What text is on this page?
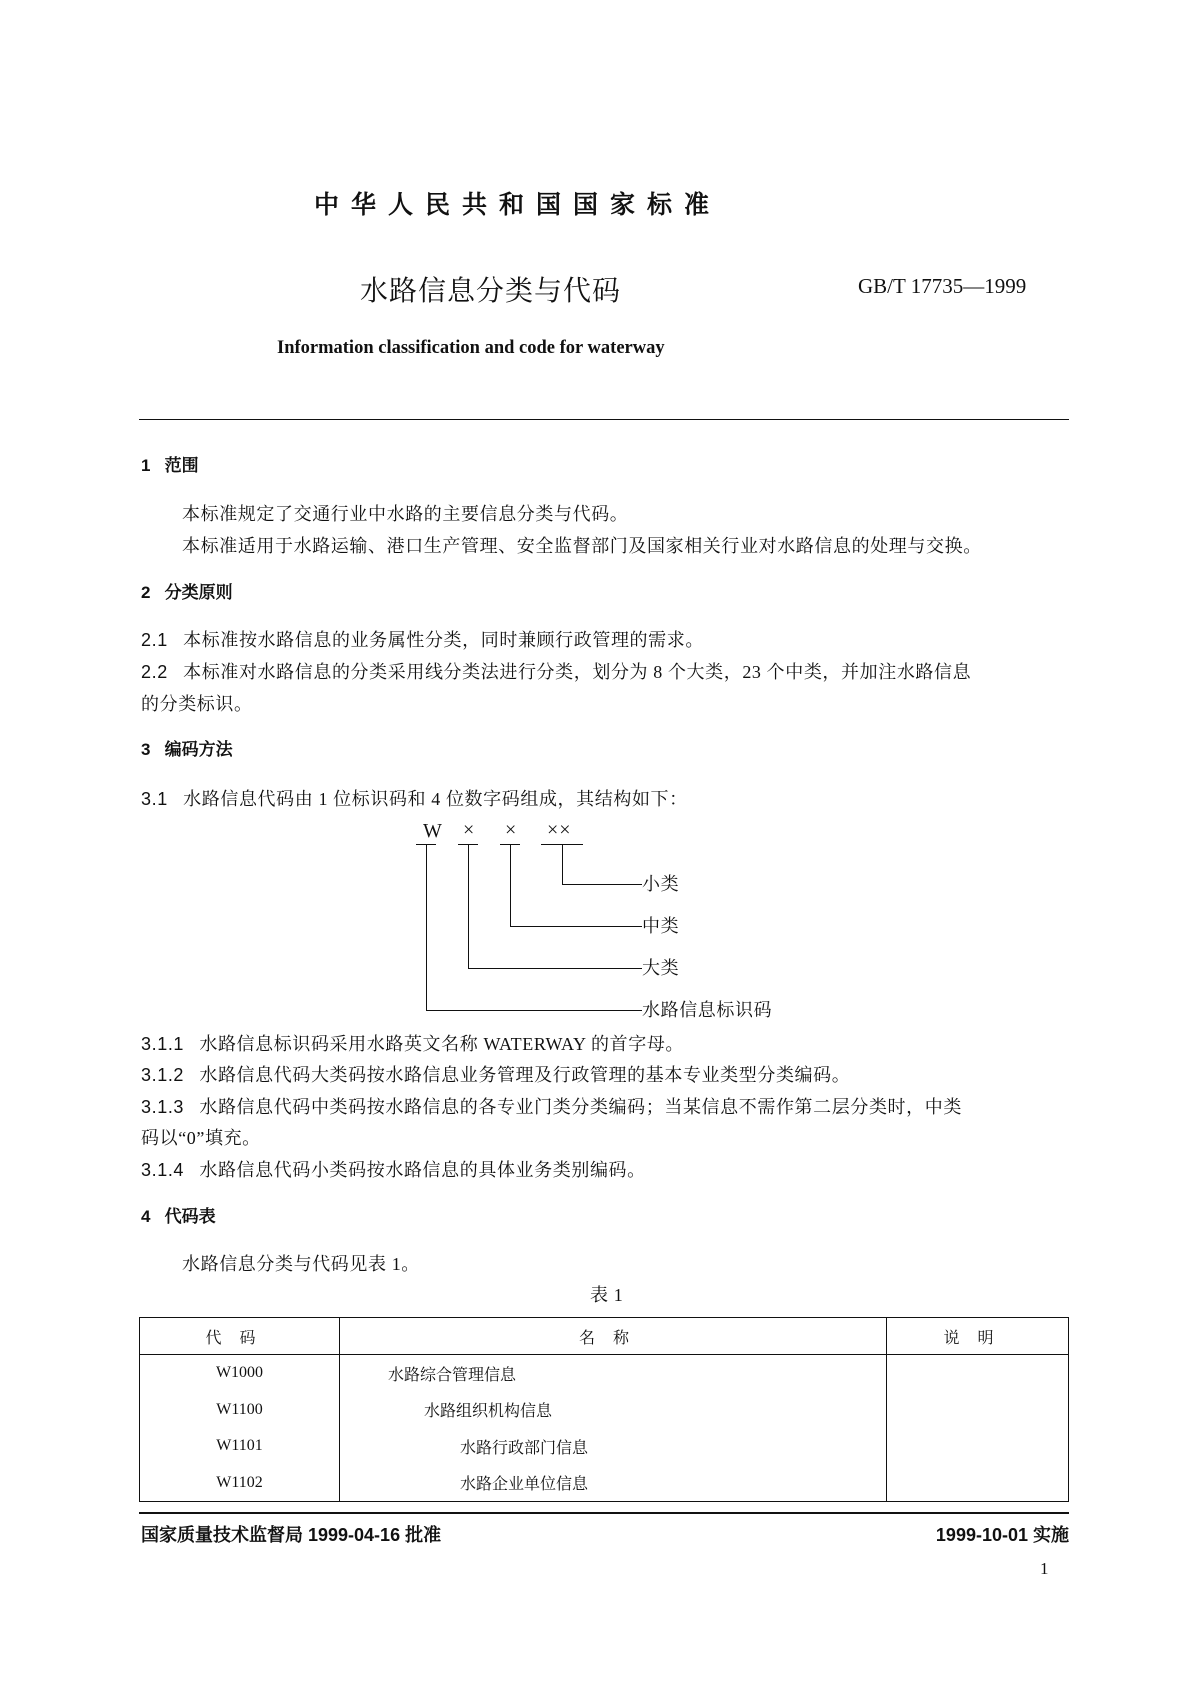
中华人民共和国国家标准
水路信息分类与代码	GB/T 17735—1999
Information classification and code for waterway
1 范围
本标准规定了交通行业中水路的主要信息分类与代码。
本标准适用于水路运输、港口生产管理、安全监督部门及国家相关行业对水路信息的处理与交换。
2 分类原则
2.1 本标准按水路信息的业务属性分类，同时兼顾行政管理的需求。
2.2 本标准对水路信息的分类采用线分类法进行分类，划分为 8 个大类，23 个中类，并加注水路信息
的分类标识。
3 编码方法
3.1 水路信息代码由 1 位标识码和 4 位数字码组成，其结构如下：
W × × ××
小类
中类
大类
水路信息标识码
3.1.1 水路信息标识码采用水路英文名称 WATERWAY 的首字母。
3.1.2 水路信息代码大类码按水路信息业务管理及行政管理的基本专业类型分类编码。
3.1.3 水路信息代码中类码按水路信息的各专业门类分类编码；当某信息不需作第二层分类时，中类
码以“0”填充。
3.1.4 水路信息代码小类码按水路信息的具体业务类别编码。
4 代码表
水路信息分类与代码见表 1。
表 1
代码	名称	说明
W1000	水路综合管理信息	
W1100	水路组织机构信息	
W1101	水路行政部门信息	
W1102	水路企业单位信息	
国家质量技术监督局 1999-04-16 批准	1999-10-01 实施
1
